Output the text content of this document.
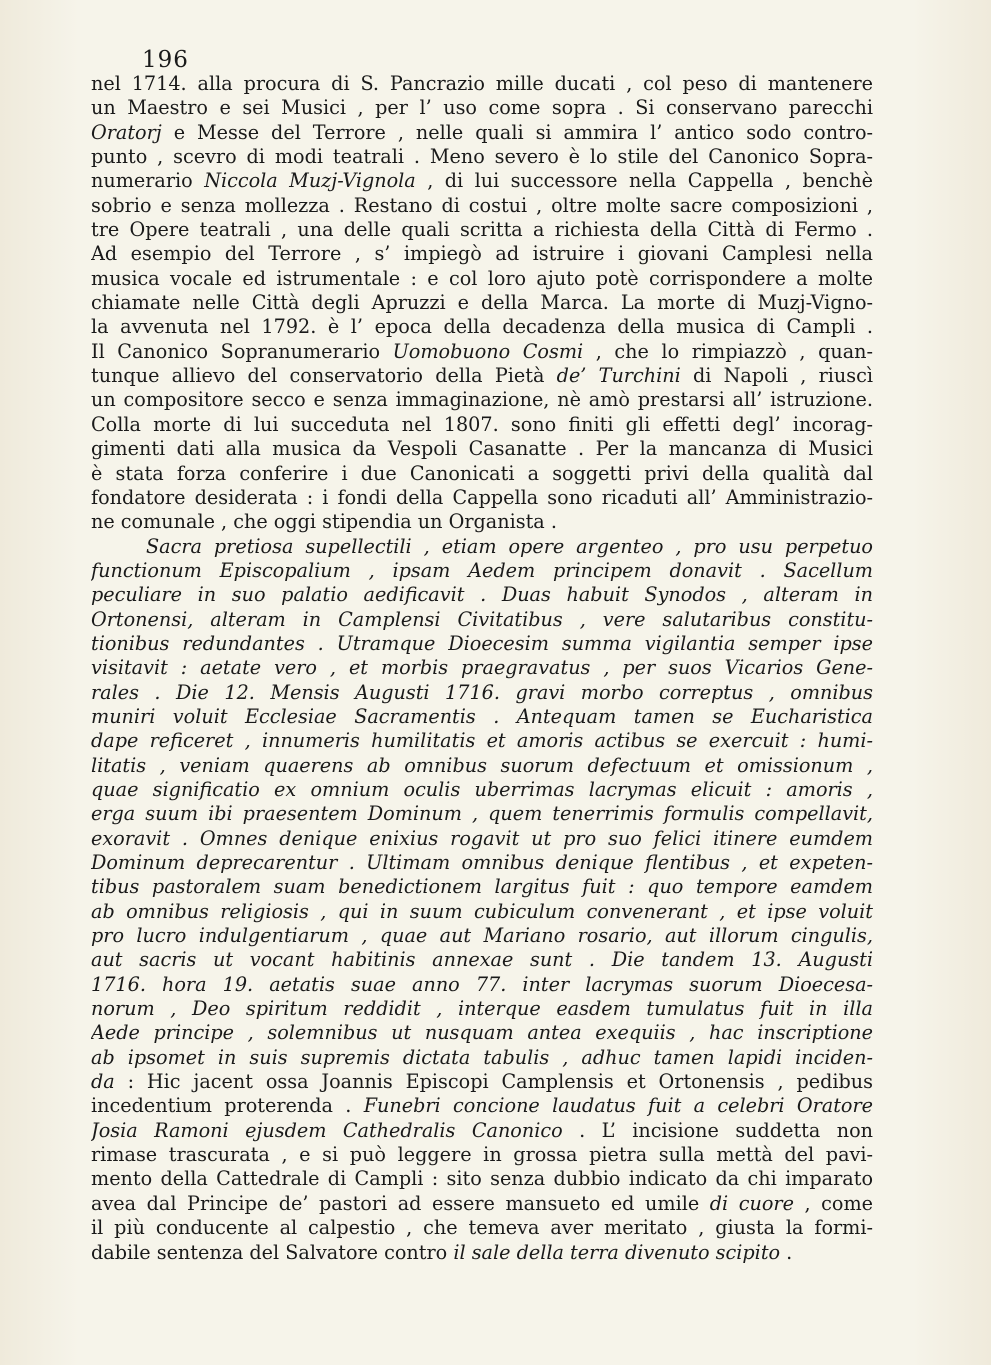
196
nel 1714. alla procura di S. Pancrazio mille ducati , col peso di mantenere
un Maestro e sei Musici , per l’ uso come sopra . Si conservano parecchi
Oratorj e Messe del Terrore , nelle quali si ammira l’ antico sodo contro-
punto , scevro di modi teatrali . Meno severo è lo stile del Canonico Sopra-
numerario Niccola Muzj-Vignola , di lui successore nella Cappella , benchè
sobrio e senza mollezza . Restano di costui , oltre molte sacre composizioni ,
tre Opere teatrali , una delle quali scritta a richiesta della Città di Fermo .
Ad esempio del Terrore , s’ impiegò ad istruire i giovani Camplesi nella
musica vocale ed istrumentale : e col loro ajuto potè corrispondere a molte
chiamate nelle Città degli Apruzzi e della Marca. La morte di Muzj-Vigno-
la avvenuta nel 1792. è l’ epoca della decadenza della musica di Campli .
Il Canonico Sopranumerario Uomobuono Cosmi , che lo rimpiazzò , quan-
tunque allievo del conservatorio della Pietà de’ Turchini di Napoli , riuscì
un compositore secco e senza immaginazione, nè amò prestarsi all’ istruzione.
Colla morte di lui succeduta nel 1807. sono finiti gli effetti degl’ incorag-
gimenti dati alla musica da Vespoli Casanatte . Per la mancanza di Musici
è stata forza conferire i due Canonicati a soggetti privi della qualità dal
fondatore desiderata : i fondi della Cappella sono ricaduti all’ Amministrazio-
ne comunale , che oggi stipendia un Organista .
Sacra pretiosa supellectili , etiam opere argenteo , pro usu perpetuo
functionum Episcopalium , ipsam Aedem principem donavit . Sacellum
peculiare in suo palatio aedificavit . Duas habuit Synodos , alteram in
Ortonensi, alteram in Camplensi Civitatibus , vere salutaribus constitu-
tionibus redundantes . Utramque Dioecesim summa vigilantia semper ipse
visitavit : aetate vero , et morbis praegravatus , per suos Vicarios Gene-
rales . Die 12. Mensis Augusti 1716. gravi morbo correptus , omnibus
muniri voluit Ecclesiae Sacramentis . Antequam tamen se Eucharistica
dape reficeret , innumeris humilitatis et amoris actibus se exercuit : humi-
litatis , veniam quaerens ab omnibus suorum defectuum et omissionum ,
quae significatio ex omnium oculis uberrimas lacrymas elicuit : amoris ,
erga suum ibi praesentem Dominum , quem tenerrimis formulis compellavit,
exoravit . Omnes denique enixius rogavit ut pro suo felici itinere eumdem
Dominum deprecarentur . Ultimam omnibus denique flentibus , et expeten-
tibus pastoralem suam benedictionem largitus fuit : quo tempore eamdem
ab omnibus religiosis , qui in suum cubiculum convenerant , et ipse voluit
pro lucro indulgentiarum , quae aut Mariano rosario, aut illorum cingulis,
aut sacris ut vocant habitinis annexae sunt . Die tandem 13. Augusti
1716. hora 19. aetatis suae anno 77. inter lacrymas suorum Dioecesa-
norum , Deo spiritum reddidit , interque easdem tumulatus fuit in illa
Aede principe , solemnibus ut nusquam antea exequiis , hac inscriptione
ab ipsomet in suis supremis dictata tabulis , adhuc tamen lapidi inciden-
da : Hic jacent ossa Joannis Episcopi Camplensis et Ortonensis , pedibus
incedentium proterenda . Funebri concione laudatus fuit a celebri Oratore
Josia Ramoni ejusdem Cathedralis Canonico . L’ incisione suddetta non
rimase trascurata , e si può leggere in grossa pietra sulla mettà del pavi-
mento della Cattedrale di Campli : sito senza dubbio indicato da chi imparato
avea dal Principe de’ pastori ad essere mansueto ed umile di cuore , come
il più conducente al calpestio , che temeva aver meritato , giusta la formi-
dabile sentenza del Salvatore contro il sale della terra divenuto scipito .
